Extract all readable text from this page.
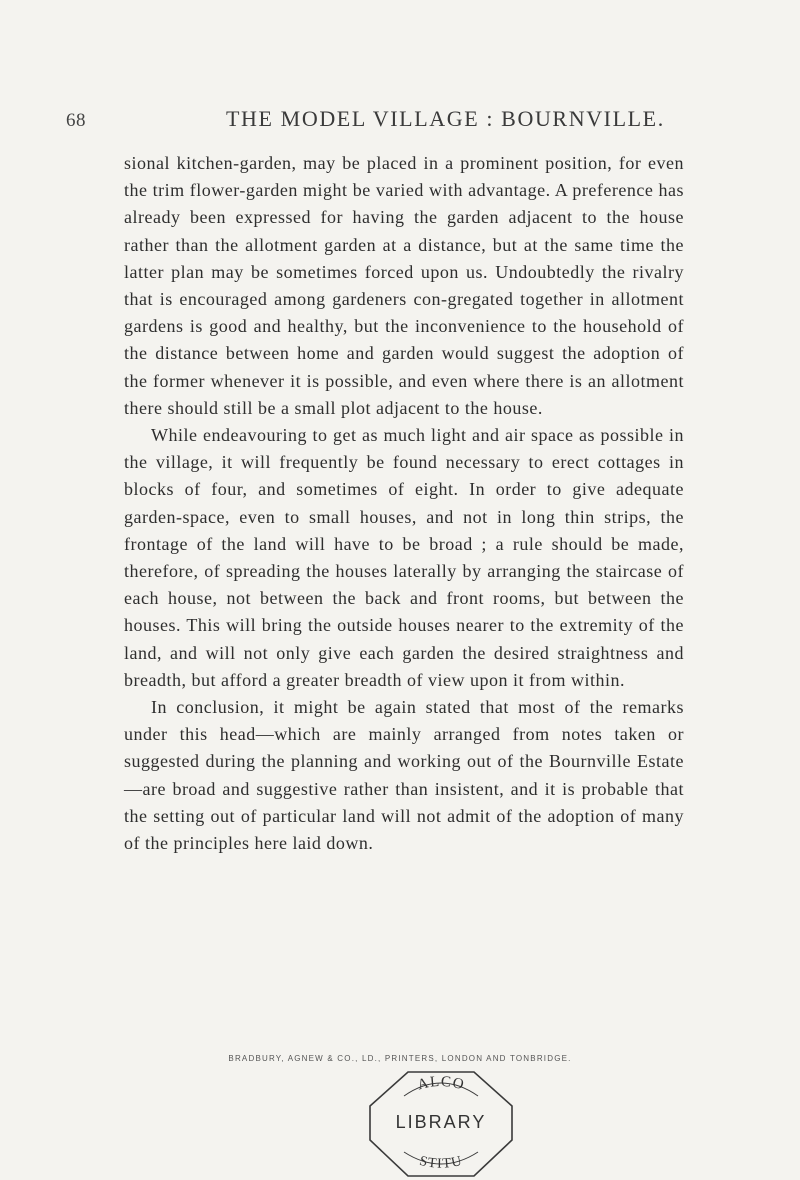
68	THE MODEL VILLAGE : BOURNVILLE.

sional kitchen-garden, may be placed in a prominent position, for even the trim flower-garden might be varied with advantage. A preference has already been expressed for having the garden adjacent to the house rather than the allotment garden at a distance, but at the same time the latter plan may be sometimes forced upon us. Undoubtedly the rivalry that is encouraged among gardeners con-gregated together in allotment gardens is good and healthy, but the inconvenience to the household of the distance between home and garden would suggest the adoption of the former whenever it is possible, and even where there is an allotment there should still be a small plot adjacent to the house.

While endeavouring to get as much light and air space as possible in the village, it will frequently be found necessary to erect cottages in blocks of four, and sometimes of eight. In order to give adequate garden-space, even to small houses, and not in long thin strips, the frontage of the land will have to be broad ; a rule should be made, therefore, of spreading the houses laterally by arranging the staircase of each house, not between the back and front rooms, but between the houses. This will bring the outside houses nearer to the extremity of the land, and will not only give each garden the desired straightness and breadth, but afford a greater breadth of view upon it from within.

In conclusion, it might be again stated that most of the remarks under this head—which are mainly arranged from notes taken or suggested during the planning and working out of the Bournville Estate—are broad and suggestive rather than insistent, and it is probable that the setting out of particular land will not admit of the adoption of many of the principles here laid down.

BRADBURY, AGNEW & CO., LD., PRINTERS, LONDON AND TONBRIDGE.
ALCO
STITU
LIBRARY
